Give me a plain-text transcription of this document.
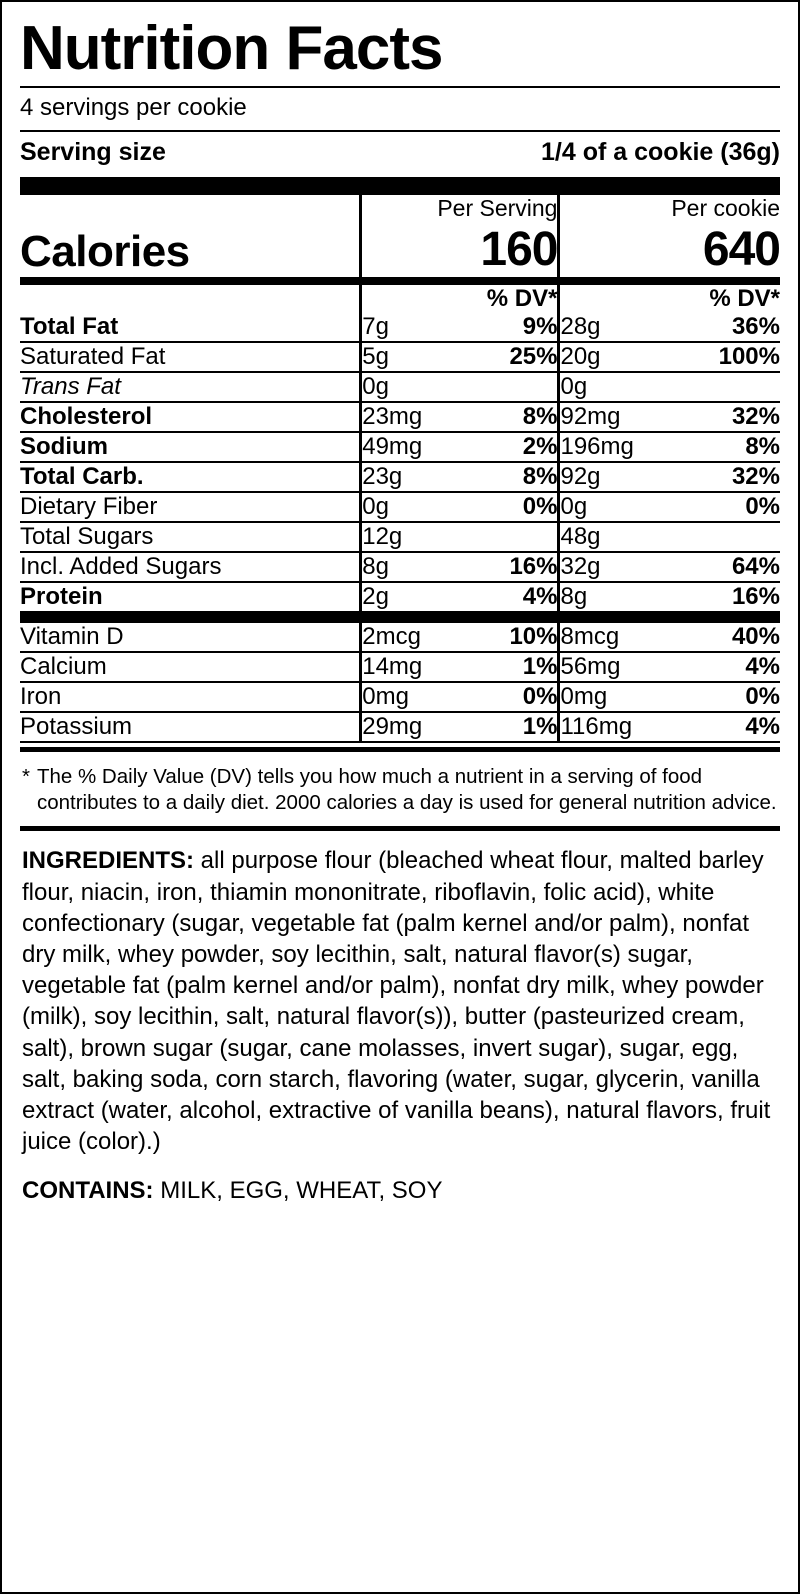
Nutrition Facts
4 servings per cookie
Serving size	1/4 of a cookie (36g)
	Per Serving		Per cookie	
Calories	160		640	
		% DV*		% DV*
Total Fat	7g	9%	28g	36%
Saturated Fat	5g	25%	20g	100%
Trans Fat	0g		0g	
Cholesterol	23mg	8%	92mg	32%
Sodium	49mg	2%	196mg	8%
Total Carb.	23g	8%	92g	32%
Dietary Fiber	0g	0%	0g	0%
Total Sugars	12g		48g	
Incl. Added Sugars	8g	16%	32g	64%
Protein	2g	4%	8g	16%
Vitamin D	2mcg	10%	8mcg	40%
Calcium	14mg	1%	56mg	4%
Iron	0mg	0%	0mg	0%
Potassium	29mg	1%	116mg	4%
* The % Daily Value (DV) tells you how much a nutrient in a serving of food contributes to a daily diet. 2000 calories a day is used for general nutrition advice.
INGREDIENTS: all purpose flour (bleached wheat flour, malted barley flour, niacin, iron, thiamin mononitrate, riboflavin, folic acid), white confectionary (sugar, vegetable fat (palm kernel and/or palm), nonfat dry milk, whey powder, soy lecithin, salt, natural flavor(s) sugar, vegetable fat (palm kernel and/or palm), nonfat dry milk, whey powder (milk), soy lecithin, salt, natural flavor(s)), butter (pasteurized cream, salt), brown sugar (sugar, cane molasses, invert sugar), sugar, egg, salt, baking soda, corn starch, flavoring (water, sugar, glycerin, vanilla extract (water, alcohol, extractive of vanilla beans), natural flavors, fruit juice (color).)
CONTAINS: MILK, EGG, WHEAT, SOY
